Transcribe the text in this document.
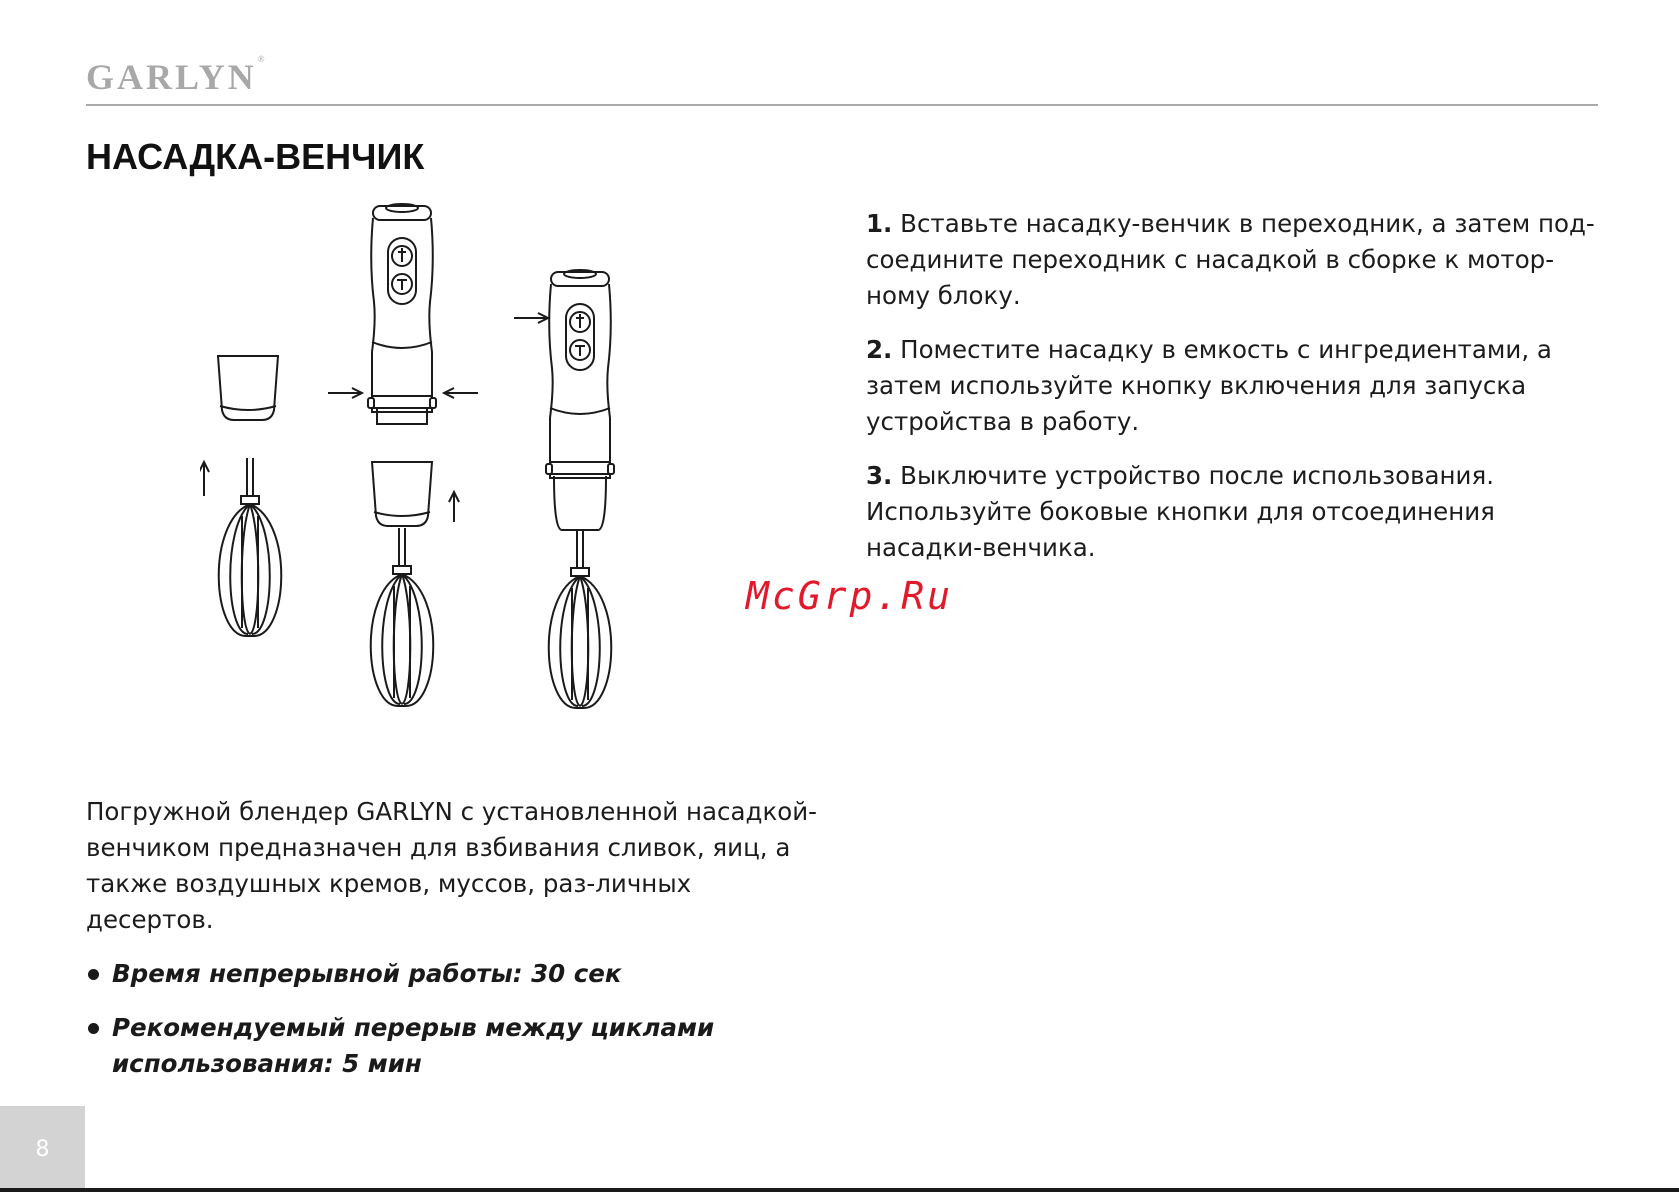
GARLYN®
НАСАДКА-ВЕНЧИК

1. Вставьте насадку-венчик в переходник, а затем под-соедините переходник с насадкой в сборке к мотор-ному блоку.

2. Поместите насадку в емкость с ингредиентами, а затем используйте кнопку включения для запуска устройства в работу.

3. Выключите устройство после использования. Используйте боковые кнопки для отсоединения насадки-венчика.

McGrp.Ru

Погружной блендер GARLYN с установленной насадкой-венчиком предназначен для взбивания сливок, яиц, а также воздушных кремов, муссов, раз-личных десертов.

Время непрерывной работы: 30 сек
Рекомендуемый перерыв между циклами использования: 5 мин
8
